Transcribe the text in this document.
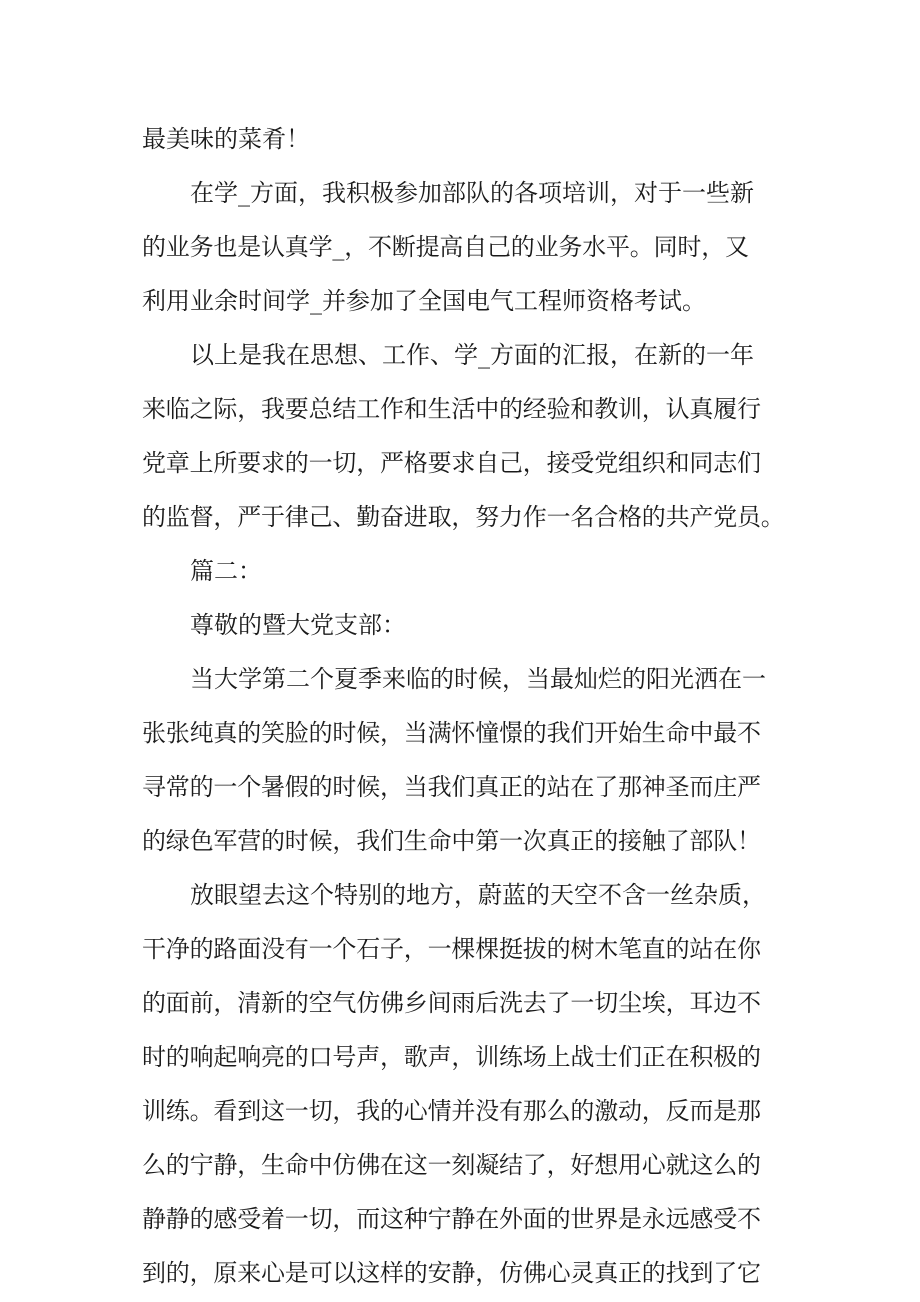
最美味的菜肴！
在学_方面，我积极参加部队的各项培训，对于一些新
的业务也是认真学_，不断提高自己的业务水平。同时，又
利用业余时间学_并参加了全国电气工程师资格考试。
以上是我在思想、工作、学_方面的汇报，在新的一年
来临之际，我要总结工作和生活中的经验和教训，认真履行
党章上所要求的一切，严格要求自己，接受党组织和同志们
的监督，严于律己、勤奋进取，努力作一名合格的共产党员。
篇二：
尊敬的暨大党支部：
当大学第二个夏季来临的时候，当最灿烂的阳光洒在一
张张纯真的笑脸的时候，当满怀憧憬的我们开始生命中最不
寻常的一个暑假的时候，当我们真正的站在了那神圣而庄严
的绿色军营的时候，我们生命中第一次真正的接触了部队！
放眼望去这个特别的地方，蔚蓝的天空不含一丝杂质，
干净的路面没有一个石子，一棵棵挺拔的树木笔直的站在你
的面前，清新的空气仿佛乡间雨后洗去了一切尘埃，耳边不
时的响起响亮的口号声，歌声，训练场上战士们正在积极的
训练。看到这一切，我的心情并没有那么的激动，反而是那
么的宁静，生命中仿佛在这一刻凝结了，好想用心就这么的
静静的感受着一切，而这种宁静在外面的世界是永远感受不
到的，原来心是可以这样的安静，仿佛心灵真正的找到了它
